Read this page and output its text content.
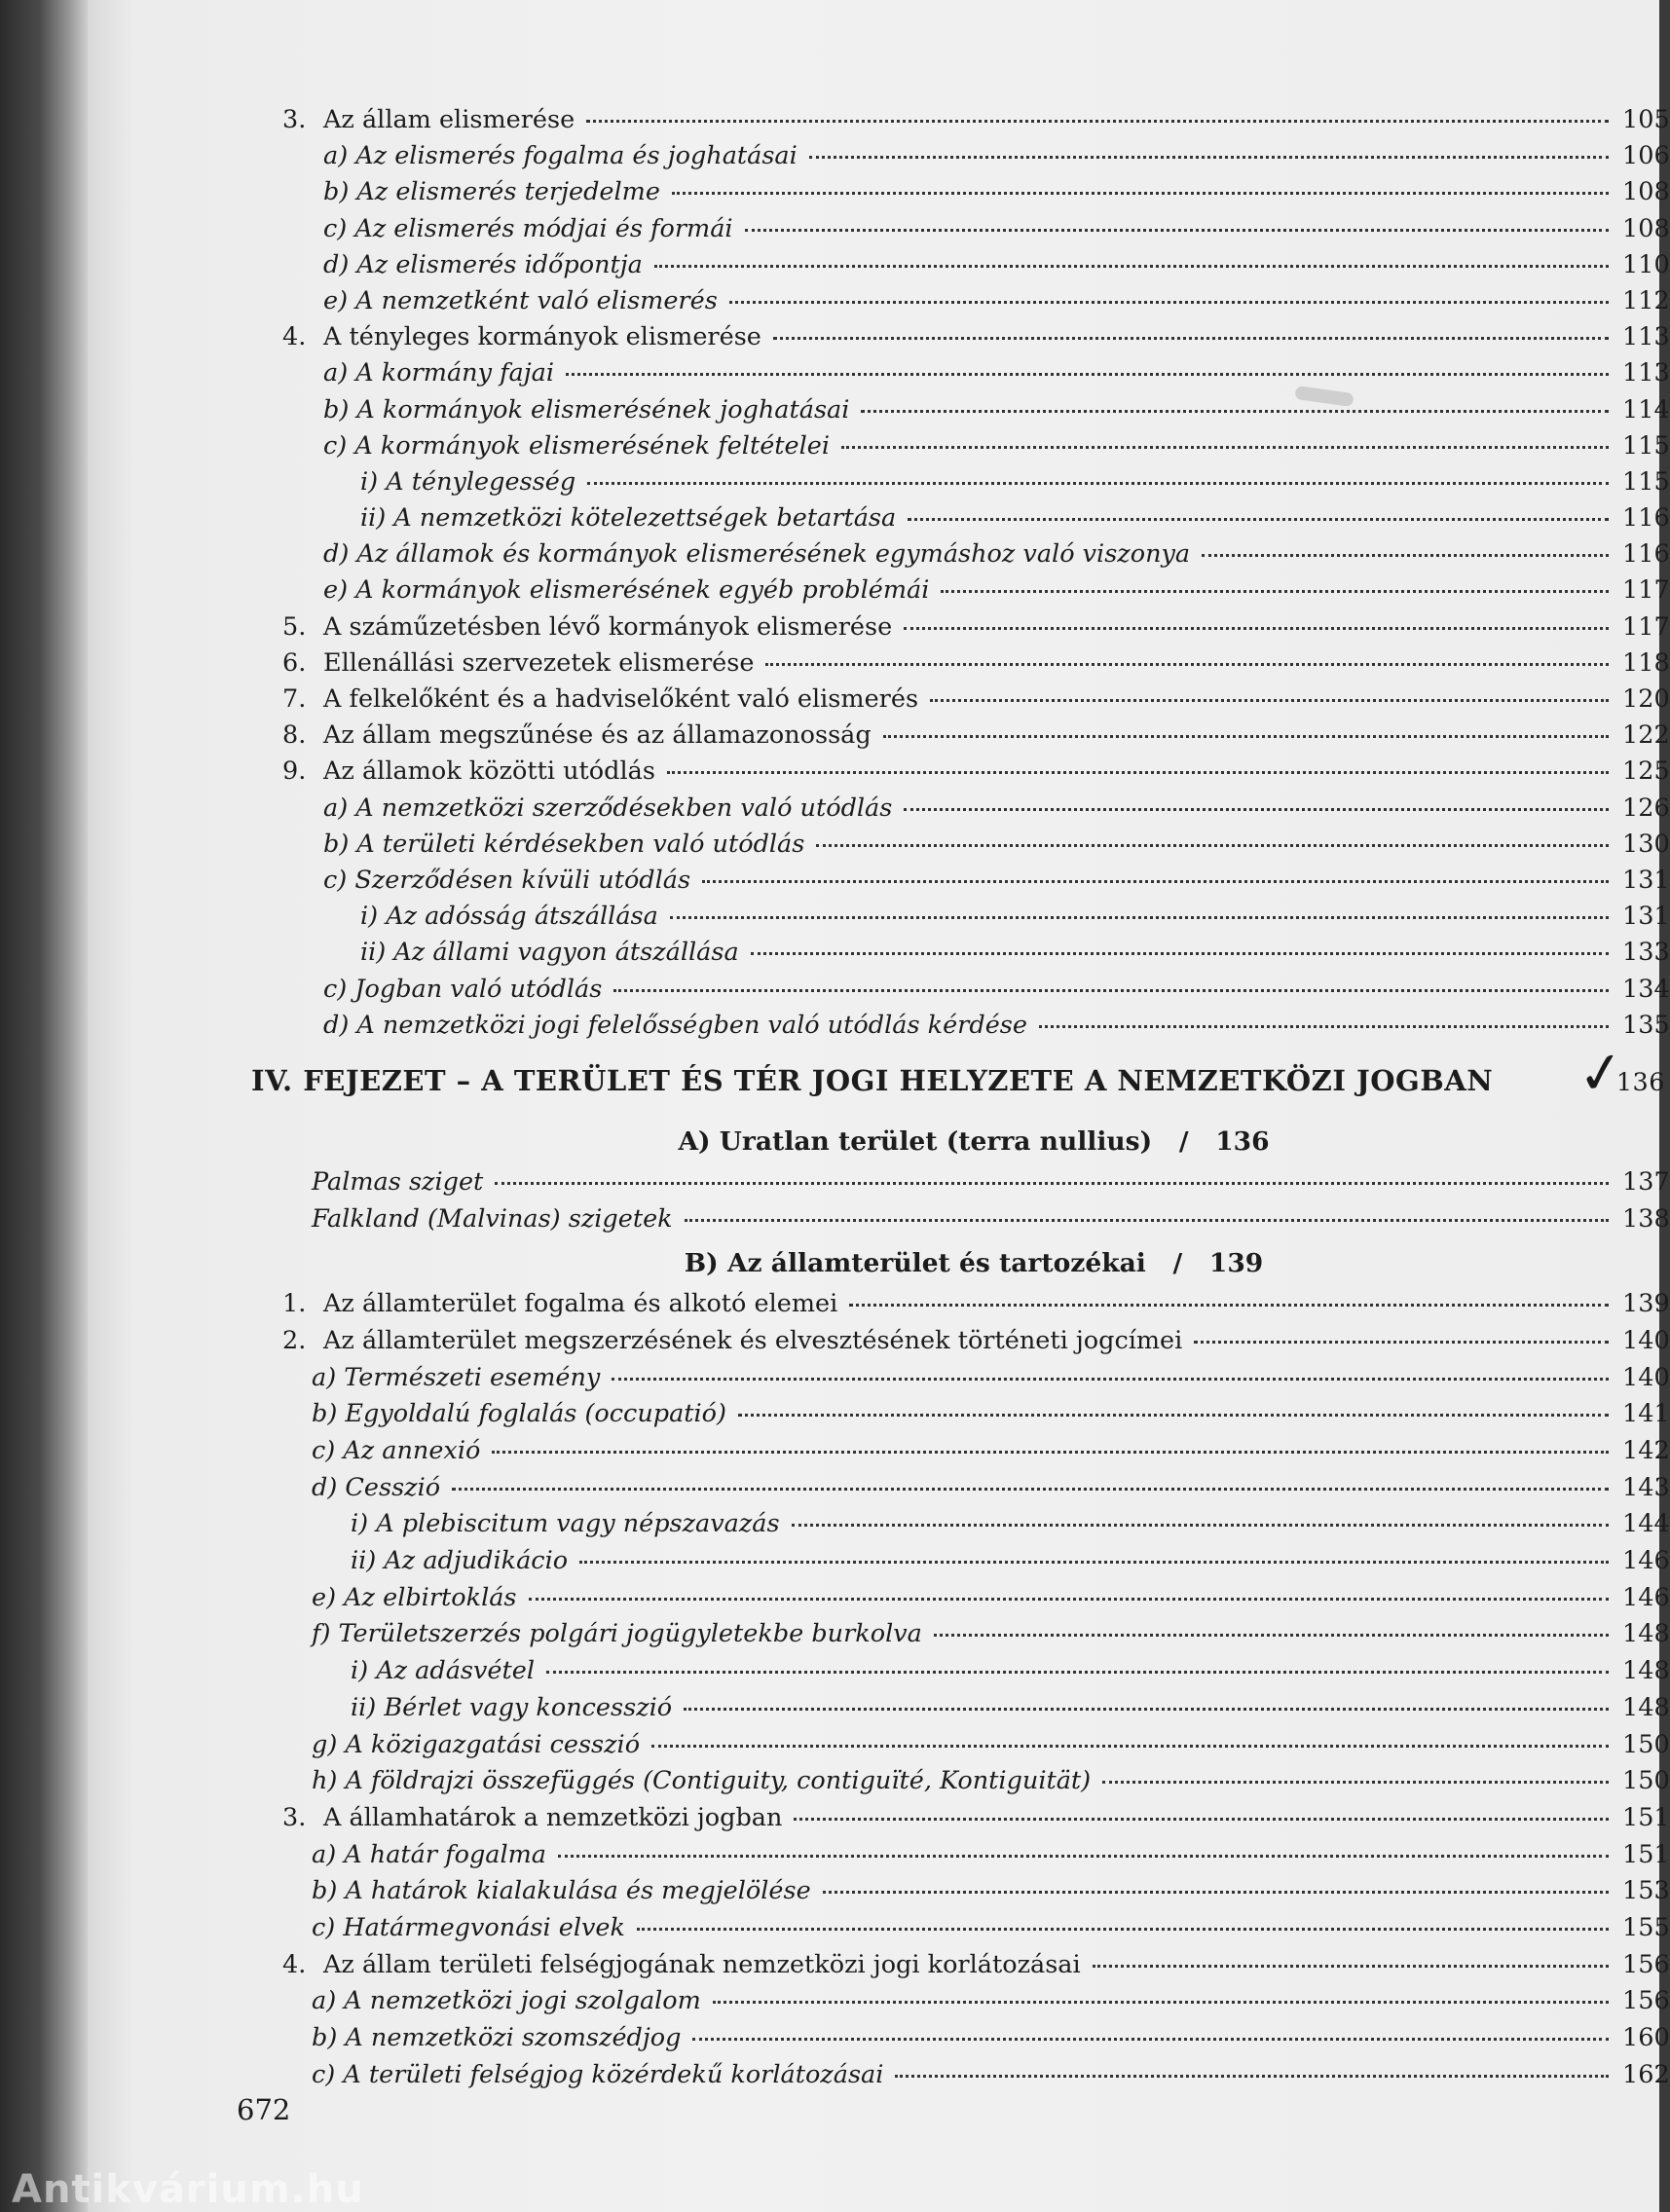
3. Az állam elismerése	105
a) Az elismerés fogalma és joghatásai	106
b) Az elismerés terjedelme	108
c) Az elismerés módjai és formái	108
d) Az elismerés időpontja	110
e) A nemzetként való elismerés	112
4. A tényleges kormányok elismerése	113
a) A kormány fajai	113
b) A kormányok elismerésének joghatásai	114
c) A kormányok elismerésének feltételei	115
i) A ténylegesség	115
ii) A nemzetközi kötelezettségek betartása	116
d) Az államok és kormányok elismerésének egymáshoz való viszonya	116
e) A kormányok elismerésének egyéb problémái	117
5. A száműzetésben lévő kormányok elismerése	117
6. Ellenállási szervezetek elismerése	118
7. A felkelőként és a hadviselőként való elismerés	120
8. Az állam megszűnése és az államazonosság	122
9. Az államok közötti utódlás	125
a) A nemzetközi szerződésekben való utódlás	126
b) A területi kérdésekben való utódlás	130
c) Szerződésen kívüli utódlás	131
i) Az adósság átszállása	131
ii) Az állami vagyon átszállása	133
c) Jogban való utódlás	134
d) A nemzetközi jogi felelősségben való utódlás kérdése	135
IV. FEJEZET – A TERÜLET ÉS TÉR JOGI HELYZETE A NEMZETKÖZI JOGBAN	136
A) Uratlan terület (terra nullius) / 136
Palmas sziget	137
Falkland (Malvinas) szigetek	138
B) Az államterület és tartozékai / 139
1. Az államterület fogalma és alkotó elemei	139
2. Az államterület megszerzésének és elvesztésének történeti jogcímei	140
a) Természeti esemény	140
b) Egyoldalú foglalás (occupatió)	141
c) Az annexió	142
d) Cesszió	143
i) A plebiscitum vagy népszavazás	144
ii) Az adjudikácio	146
e) Az elbirtoklás	146
f) Területszerzés polgári jogügyletekbe burkolva	148
i) Az adásvétel	148
ii) Bérlet vagy koncesszió	148
g) A közigazgatási cesszió	150
h) A földrajzi összefüggés (Contiguity, contiguïté, Kontiguität)	150
3. A államhatárok a nemzetközi jogban	151
a) A határ fogalma	151
b) A határok kialakulása és megjelölése	153
c) Határmegvonási elvek	155
4. Az állam területi felségjogának nemzetközi jogi korlátozásai	156
a) A nemzetközi jogi szolgalom	156
b) A nemzetközi szomszédjog	160
c) A területi felségjog közérdekű korlátozásai	162
✓
672
Antikvárium.hu
